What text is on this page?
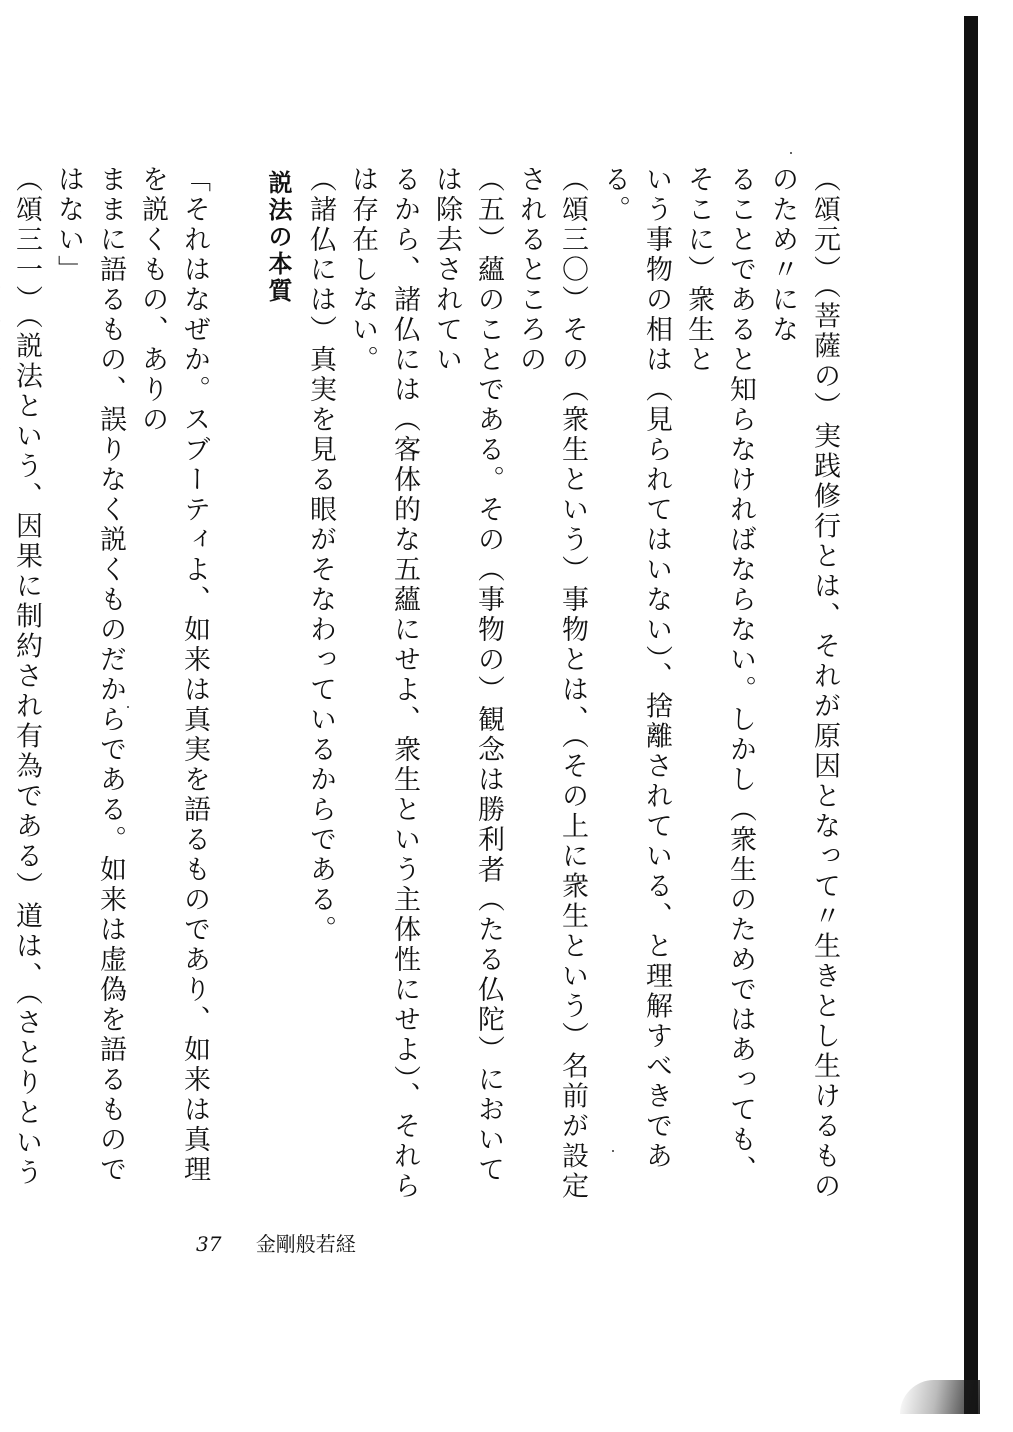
（頌元）（菩薩の）実践修行とは、それが原因となって〃生きとし生けるもののため〃にな

ることであると知らなければならない。しかし（衆生のためではあっても、そこに）衆生と

いう事物の相は（見られてはいない）、捨離されている、と理解すべきである。

（頌三〇）その（衆生という）事物とは、（その上に衆生という）名前が設定されるところの

（五）蘊のことである。その（事物の）観念は勝利者（たる仏陀）においては除去されてい

るから、諸仏には（客体的な五蘊にせよ、衆生という主体性にせよ）、それらは存在しない。

（諸仏には）真実を見る眼がそなわっているからである。

説法の本質

「それはなぜか。スブーティよ、如来は真実を語るものであり、如来は真理を説くもの、ありの

ままに語るもの、誤りなく説くものだからである。如来は虚偽を語るものではない」

（頌三一）（説法という、因果に制約され有為である）道は、（さとりという

37 金剛般若経
